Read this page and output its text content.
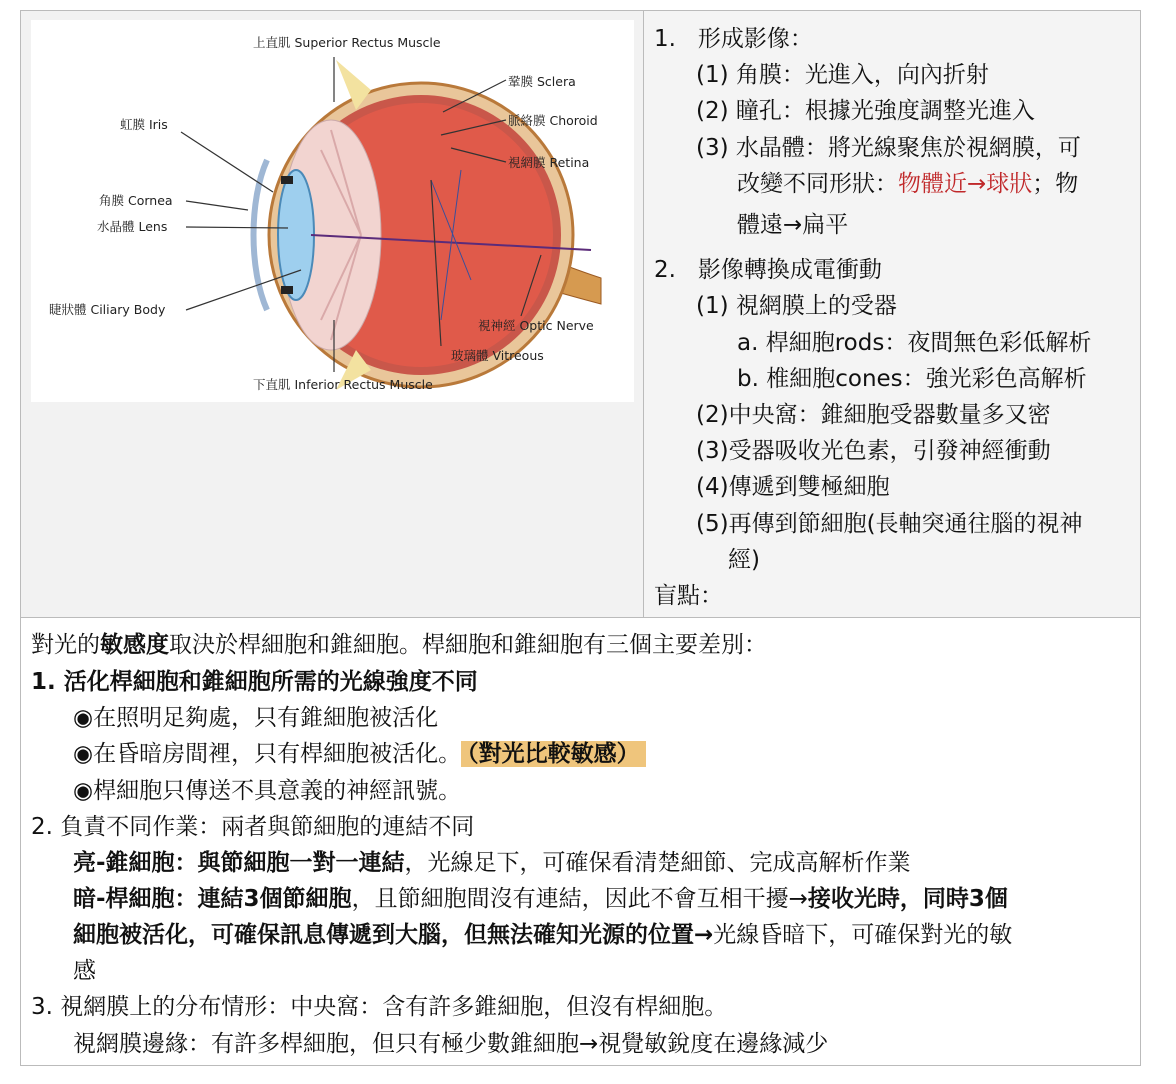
上直肌 Superior Rectus Muscle
鞏膜 Sclera
脈絡膜 Choroid
視網膜 Retina
虹膜 Iris
角膜 Cornea
水晶體 Lens
睫狀體 Ciliary Body
視神經 Optic Nerve
玻璃體 Vitreous
下直肌 Inferior Rectus Muscle
1.   形成影像：
(1) 角膜：光進入，向內折射
(2) 瞳孔：根據光強度調整光進入
(3) 水晶體：將光線聚焦於視網膜，可
改變不同形狀：物體近→球狀；物
體遠→扁平
2.   影像轉換成電衝動
(1) 視網膜上的受器
a. 桿細胞rods：夜間無色彩低解析
b. 椎細胞cones：強光彩色高解析
(2)中央窩：錐細胞受器數量多又密
(3)受器吸收光色素，引發神經衝動
(4)傳遞到雙極細胞
(5)再傳到節細胞(長軸突通往腦的視神
經)
盲點：
對光的敏感度取決於桿細胞和錐細胞。桿細胞和錐細胞有三個主要差別：
1. 活化桿細胞和錐細胞所需的光線強度不同
◉在照明足夠處，只有錐細胞被活化
◉在昏暗房間裡，只有桿細胞被活化。 （對光比較敏感）
◉桿細胞只傳送不具意義的神經訊號。
2. 負責不同作業：兩者與節細胞的連結不同
亮-錐細胞：與節細胞一對一連結，光線足下，可確保看清楚細節、完成高解析作業
暗-桿細胞：連結3個節細胞，且節細胞間沒有連結，因此不會互相干擾→接收光時，同時3個
細胞被活化，可確保訊息傳遞到大腦，但無法確知光源的位置→光線昏暗下，可確保對光的敏
感
3. 視網膜上的分布情形：中央窩：含有許多錐細胞，但沒有桿細胞。
視網膜邊緣：有許多桿細胞，但只有極少數錐細胞→視覺敏銳度在邊緣減少
